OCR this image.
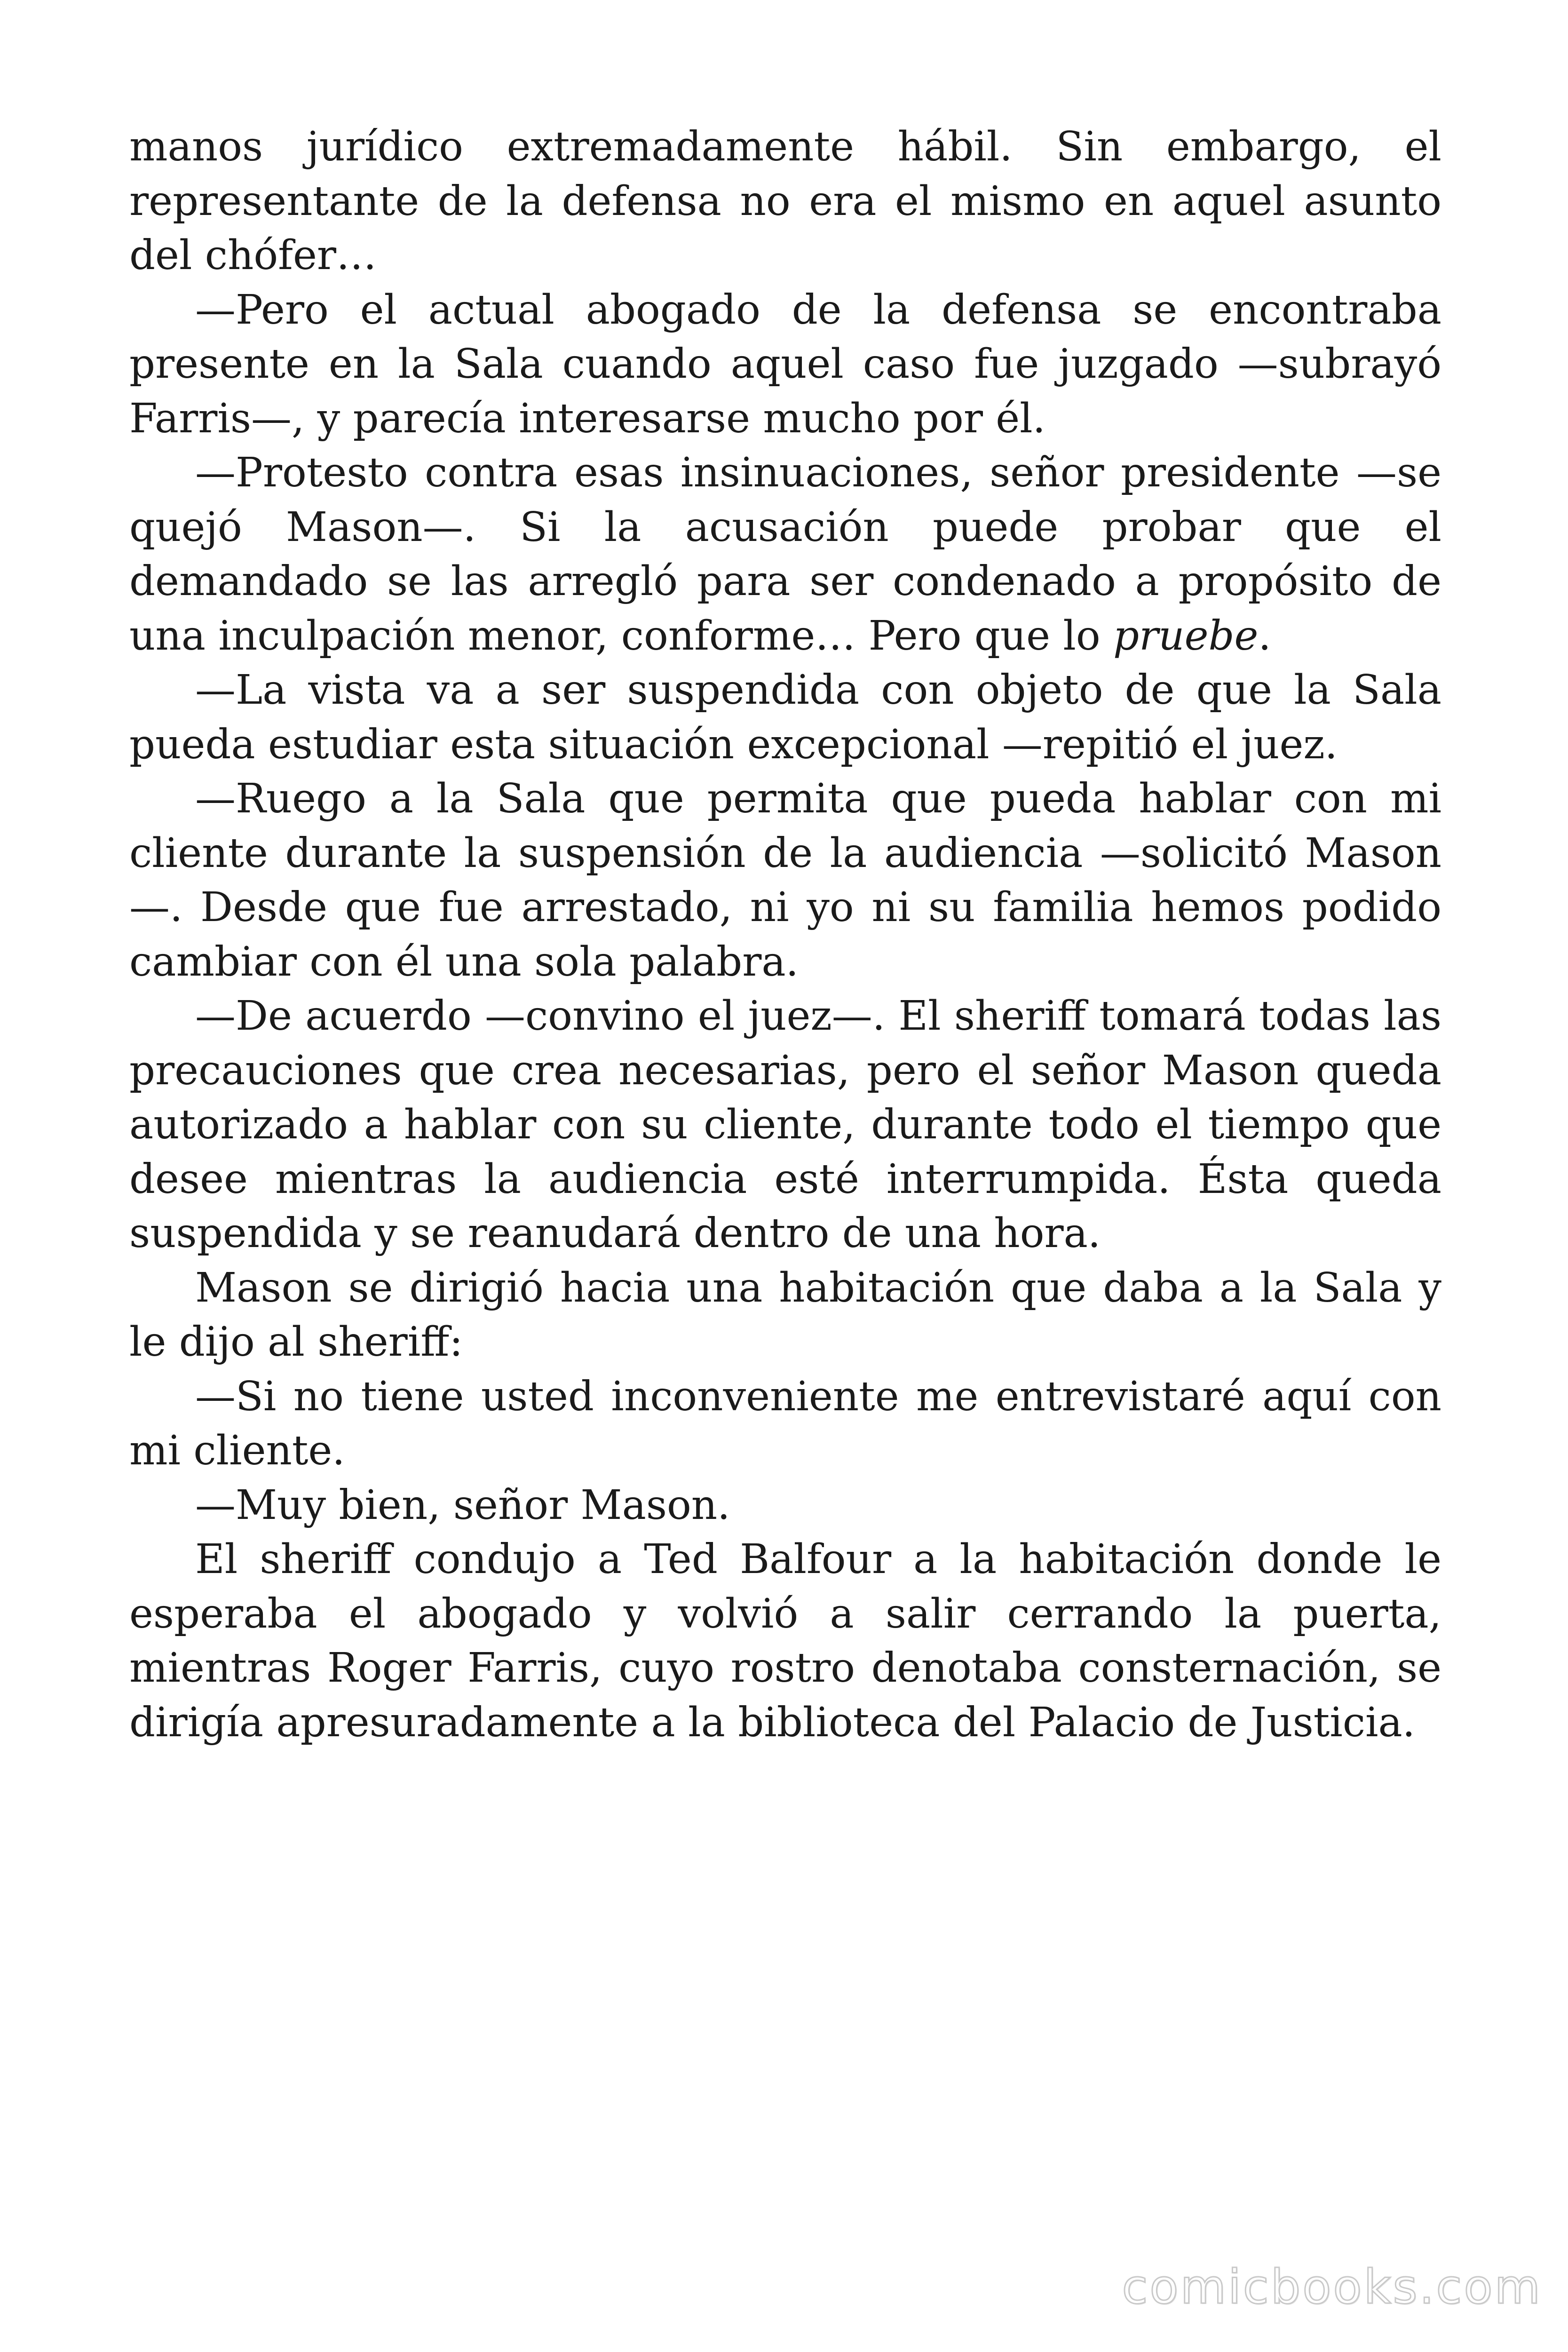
manos jurídico extremadamente hábil. Sin embargo, el representante de la defensa no era el mismo en aquel asunto del chófer…

—Pero el actual abogado de la defensa se encontraba presente en la Sala cuando aquel caso fue juzgado —subrayó Farris—, y parecía interesarse mucho por él.

—Protesto contra esas insinuaciones, señor presidente —se quejó Mason—. Si la acusación puede probar que el demandado se las arregló para ser condenado a propósito de una inculpación menor, conforme… Pero que lo pruebe.

—La vista va a ser suspendida con objeto de que la Sala pueda estudiar esta situación excepcional —repitió el juez.

—Ruego a la Sala que permita que pueda hablar con mi cliente durante la suspensión de la audiencia —solicitó Mason—. Desde que fue arrestado, ni yo ni su familia hemos podido cambiar con él una sola palabra.

—De acuerdo —convino el juez—. El sheriff tomará todas las precauciones que crea necesarias, pero el señor Mason queda autorizado a hablar con su cliente, durante todo el tiempo que desee mientras la audiencia esté interrumpida. Ésta queda suspendida y se reanudará dentro de una hora.

Mason se dirigió hacia una habitación que daba a la Sala y le dijo al sheriff:

—Si no tiene usted inconveniente me entrevistaré aquí con mi cliente.

—Muy bien, señor Mason.

El sheriff condujo a Ted Balfour a la habitación donde le esperaba el abogado y volvió a salir cerrando la puerta, mientras Roger Farris, cuyo rostro denotaba consternación, se dirigía apresuradamente a la biblioteca del Palacio de Justicia.

comicbooks.com
